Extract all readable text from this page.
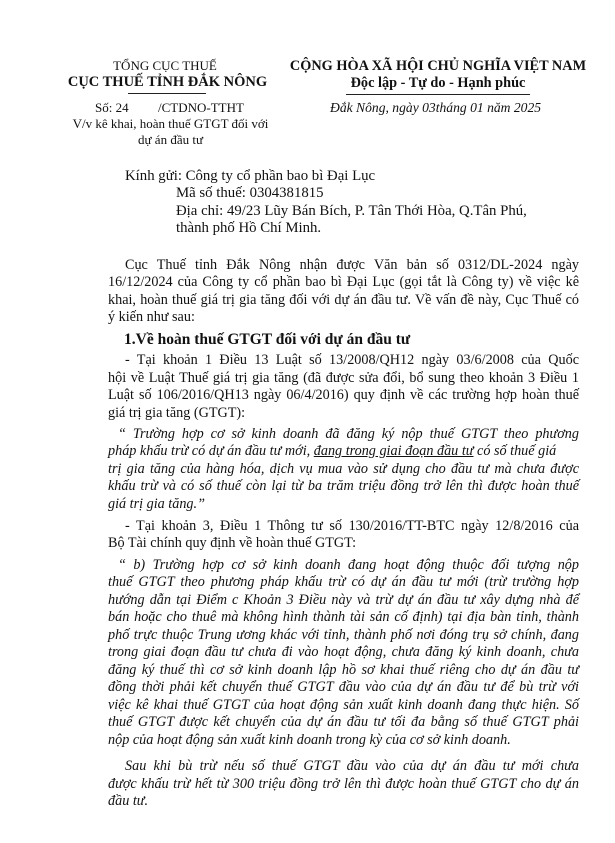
TỔNG CỤC THUẾ
CỤC THUẾ TỈNH ĐẮK NÔNG
Số: 24 /CTDNO-TTHT
V/v kê khai, hoàn thuế GTGT đối với
dự án đầu tư
CỘNG HÒA XÃ HỘI CHỦ NGHĨA VIỆT NAM
Độc lập - Tự do - Hạnh phúc
Đắk Nông, ngày 03tháng 01 năm 2025
Kính gửi: Công ty cổ phần bao bì Đại Lục
Mã số thuế: 0304381815
Địa chỉ: 49/23 Lũy Bán Bích, P. Tân Thới Hòa, Q.Tân Phú,
thành phố Hồ Chí Minh.
Cục Thuế tỉnh Đắk Nông nhận được Văn bản số 0312/DL-2024 ngày
16/12/2024 của Công ty cổ phần bao bì Đại Lục (gọi tắt là Công ty) về việc kê
khai, hoàn thuế giá trị gia tăng đối với dự án đầu tư. Về vấn đề này, Cục Thuế có
ý kiến như sau:
1.Về hoàn thuế GTGT đối với dự án đầu tư
- Tại khoản 1 Điều 13 Luật số 13/2008/QH12 ngày 03/6/2008 của Quốc
hội về Luật Thuế giá trị gia tăng (đã được sửa đổi, bổ sung theo khoản 3 Điều 1
Luật số 106/2016/QH13 ngày 06/4/2016) quy định về các trường hợp hoàn thuế
giá trị gia tăng (GTGT):
“ Trường hợp cơ sở kinh doanh đã đăng ký nộp thuế GTGT theo phương
pháp khấu trừ có dự án đầu tư mới, đang trong giai đoạn đầu tư có số thuế giá
trị gia tăng của hàng hóa, dịch vụ mua vào sử dụng cho đầu tư mà chưa được
khấu trừ và có số thuế còn lại từ ba trăm triệu đồng trở lên thì được hoàn thuế
giá trị gia tăng.”
- Tại khoản 3, Điều 1 Thông tư số 130/2016/TT-BTC ngày 12/8/2016 của
Bộ Tài chính quy định về hoàn thuế GTGT:
“ b) Trường hợp cơ sở kinh doanh đang hoạt động thuộc đối tượng nộp
thuế GTGT theo phương pháp khấu trừ có dự án đầu tư mới (trừ trường hợp
hướng dẫn tại Điểm c Khoản 3 Điều này và trừ dự án đầu tư xây dựng nhà để
bán hoặc cho thuê mà không hình thành tài sản cố định) tại địa bàn tỉnh, thành
phố trực thuộc Trung ương khác với tỉnh, thành phố nơi đóng trụ sở chính, đang
trong giai đoạn đầu tư chưa đi vào hoạt động, chưa đăng ký kinh doanh, chưa
đăng ký thuế thì cơ sở kinh doanh lập hồ sơ khai thuế riêng cho dự án đầu tư
đồng thời phải kết chuyển thuế GTGT đầu vào của dự án đầu tư để bù trừ với
việc kê khai thuế GTGT của hoạt động sản xuất kinh doanh đang thực hiện. Số
thuế GTGT được kết chuyển của dự án đầu tư tối đa bằng số thuế GTGT phải
nộp của hoạt động sản xuất kinh doanh trong kỳ của cơ sở kinh doanh.
Sau khi bù trừ nếu số thuế GTGT đầu vào của dự án đầu tư mới chưa
được khấu trừ hết từ 300 triệu đồng trở lên thì được hoàn thuế GTGT cho dự án
đầu tư.
